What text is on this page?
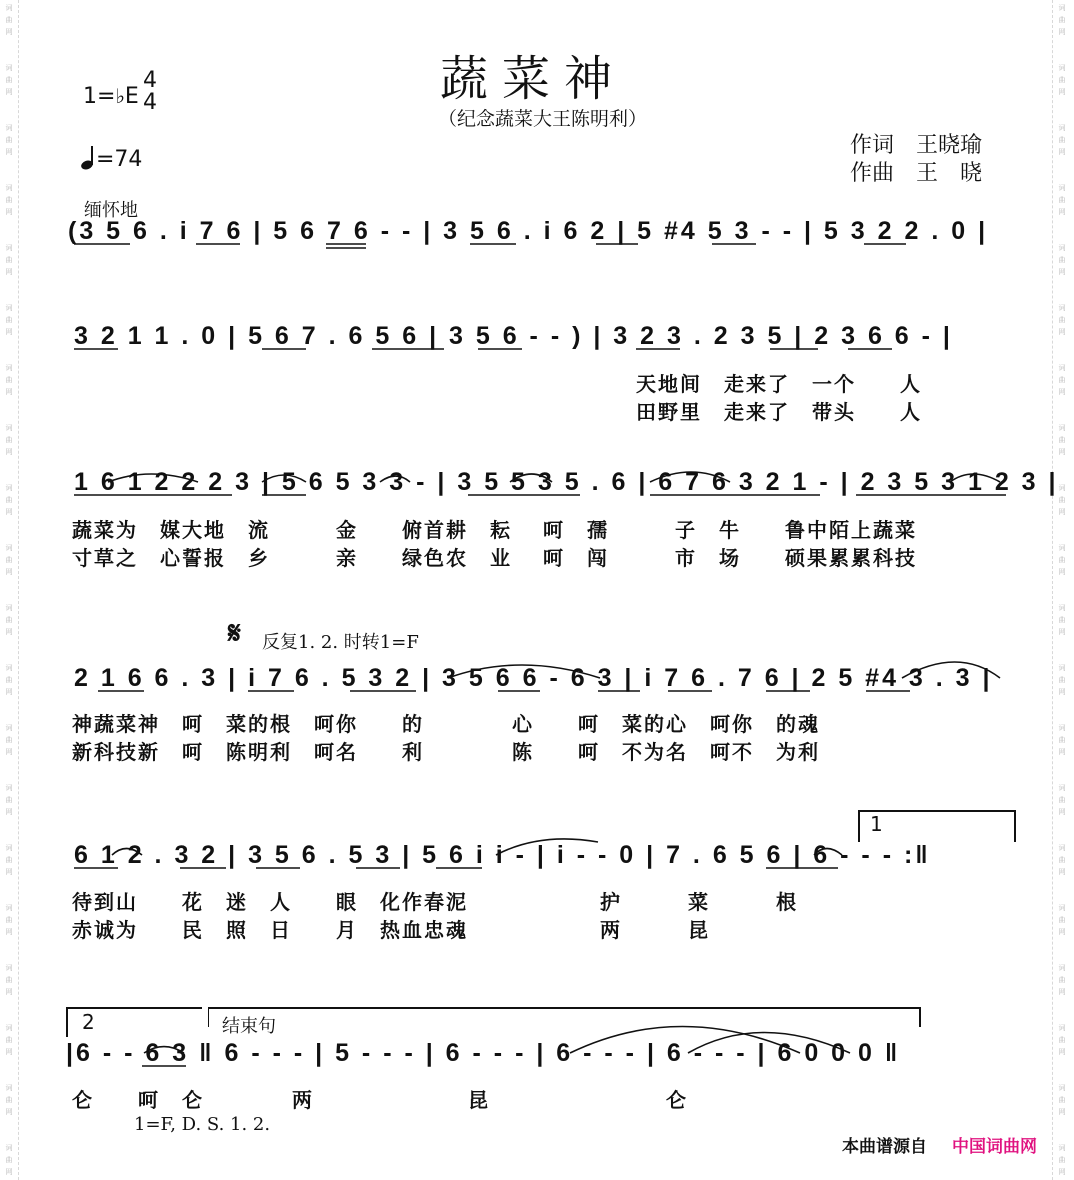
词
曲
网
词
曲
网
词
曲
网
词
曲
网
词
曲
网
词
曲
网
词
曲
网
词
曲
网
词
曲
网
词
曲
网
词
曲
网
词
曲
网
词
曲
网
词
曲
网
词
曲
网
词
曲
网
词
曲
网
词
曲
网
词
曲
网
词
曲
网
词
曲
网
词
曲
网
词
曲
网
词
曲
网
词
曲
网
词
曲
网
词
曲
网
词
曲
网
词
曲
网
词
曲
网
词
曲
网
词
曲
网
词
曲
网
词
曲
网
词
曲
网
词
曲
网
词
曲
网
词
曲
网
词
曲
网
词
曲
网
蔬菜神
（纪念蔬菜大王陈明利）
作词　王晓瑜
作曲　王　晓
1=♭E
4
4
=74
缅怀地
(3 5 6 . i 7 6 | 5 6 7 6 - - | 3 5 6 . i 6 2 | 5 #4 5 3 - - | 5 3 2 2 . 0 |
3 2 1 1 . 0 | 5 6 7 . 6 5 6 | 3 5 6 - - ) | 3 2 3 . 2 3 5 | 2 3 6 6 - |
1 6 1 2 2 2 3 | 5 6 5 3 3 - | 3 5 5 3 5 . 6 | 6 7 6 3 2 1 - | 2 3 5 3 1 2 3 |
2 1 6 6 . 3 | i 7 6 . 5 3 2 | 3 5 6 6 - 6 3 | i 7 6 . 7 6 | 2 5 #4 3 . 3 |
6 1 2 . 3 2 | 3 5 6 . 5 3 | 5 6 i i - | i - - 0 | 7 . 6 5 6 | 6 - - - :‖
|6 - - 6 3 ‖ 6 - - - | 5 - - - | 6 - - - | 6 - - - | 6 - - - | 6 0 0 0 ‖
天地间　走来了　一个　　人
田野里　走来了　带头　　人
蔬菜为　媒大地　流　　　金　　俯首耕　耘　 呵　孺　　　子　牛　　鲁中陌上蔬菜
寸草之　心誓报　乡　　　亲　　绿色农　业　 呵　闯　　　市　场　　硕果累累科技
神蔬菜神　呵　菜的根　呵你　　的　　　　心　　呵　菜的心　呵你　的魂
新科技新　呵　陈明利　呵名　　利　　　　陈　　呵　不为名　呵不　为利
待到山　　花　迷　人　　眼　化作春泥　　　　　　护　　　菜　　　根
赤诚为　　民　照　日　　月　热血忠魂　　　　　　两　　　昆
仑　　呵　仑　　　　两　　　　　　　昆　　　　　　　　仑
𝄋 反复1. 2. 时转1=F
1
2	结束句
1=F, D. S. 1. 2.
本曲谱源自 中国词曲网
